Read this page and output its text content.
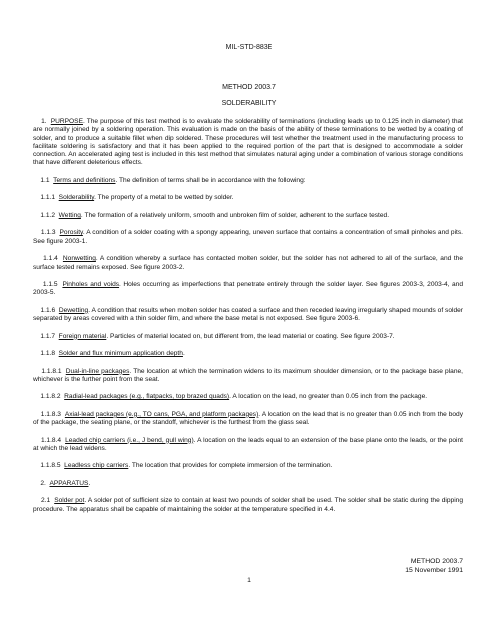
MIL-STD-883E
METHOD 2003.7
SOLDERABILITY

1. PURPOSE. The purpose of this test method is to evaluate the solderability of terminations (including leads up to 0.125 inch in diameter) that are normally joined by a soldering operation. This evaluation is made on the basis of the ability of these terminations to be wetted by a coating of solder, and to produce a suitable fillet when dip soldered. These procedures will test whether the treatment used in the manufacturing process to facilitate soldering is satisfactory and that it has been applied to the required portion of the part that is designed to accommodate a solder connection. An accelerated aging test is included in this test method that simulates natural aging under a combination of various storage conditions that have different deleterious effects.

1.1 Terms and definitions. The definition of terms shall be in accordance with the following:

1.1.1 Solderability. The property of a metal to be wetted by solder.

1.1.2 Wetting. The formation of a relatively uniform, smooth and unbroken film of solder, adherent to the surface tested.

1.1.3 Porosity. A condition of a solder coating with a spongy appearing, uneven surface that contains a concentration of small pinholes and pits. See figure 2003-1.

1.1.4 Nonwetting. A condition whereby a surface has contacted molten solder, but the solder has not adhered to all of the surface, and the surface tested remains exposed. See figure 2003-2.

1.1.5 Pinholes and voids. Holes occurring as imperfections that penetrate entirely through the solder layer. See figures 2003-3, 2003-4, and 2003-5.

1.1.6 Dewetting. A condition that results when molten solder has coated a surface and then receded leaving irregularly shaped mounds of solder separated by areas covered with a thin solder film, and where the base metal is not exposed. See figure 2003-6.

1.1.7 Foreign material. Particles of material located on, but different from, the lead material or coating. See figure 2003-7.

1.1.8 Solder and flux minimum application depth.

1.1.8.1 Dual-in-line packages. The location at which the termination widens to its maximum shoulder dimension, or to the package base plane, whichever is the further point from the seat.

1.1.8.2 Radial-lead packages (e.g., flatpacks, top brazed quads). A location on the lead, no greater than 0.05 inch from the package.

1.1.8.3 Axial-lead packages (e.g., TO cans, PGA, and platform packages). A location on the lead that is no greater than 0.05 inch from the body of the package, the seating plane, or the standoff, whichever is the furthest from the glass seal.

1.1.8.4 Leaded chip carriers (i.e., J bend, gull wing). A location on the leads equal to an extension of the base plane onto the leads, or the point at which the lead widens.

1.1.8.5 Leadless chip carriers. The location that provides for complete immersion of the termination.

2. APPARATUS.

2.1 Solder pot. A solder pot of sufficient size to contain at least two pounds of solder shall be used. The solder shall be static during the dipping procedure. The apparatus shall be capable of maintaining the solder at the temperature specified in 4.4.

METHOD 2003.7
15 November 1991
1
